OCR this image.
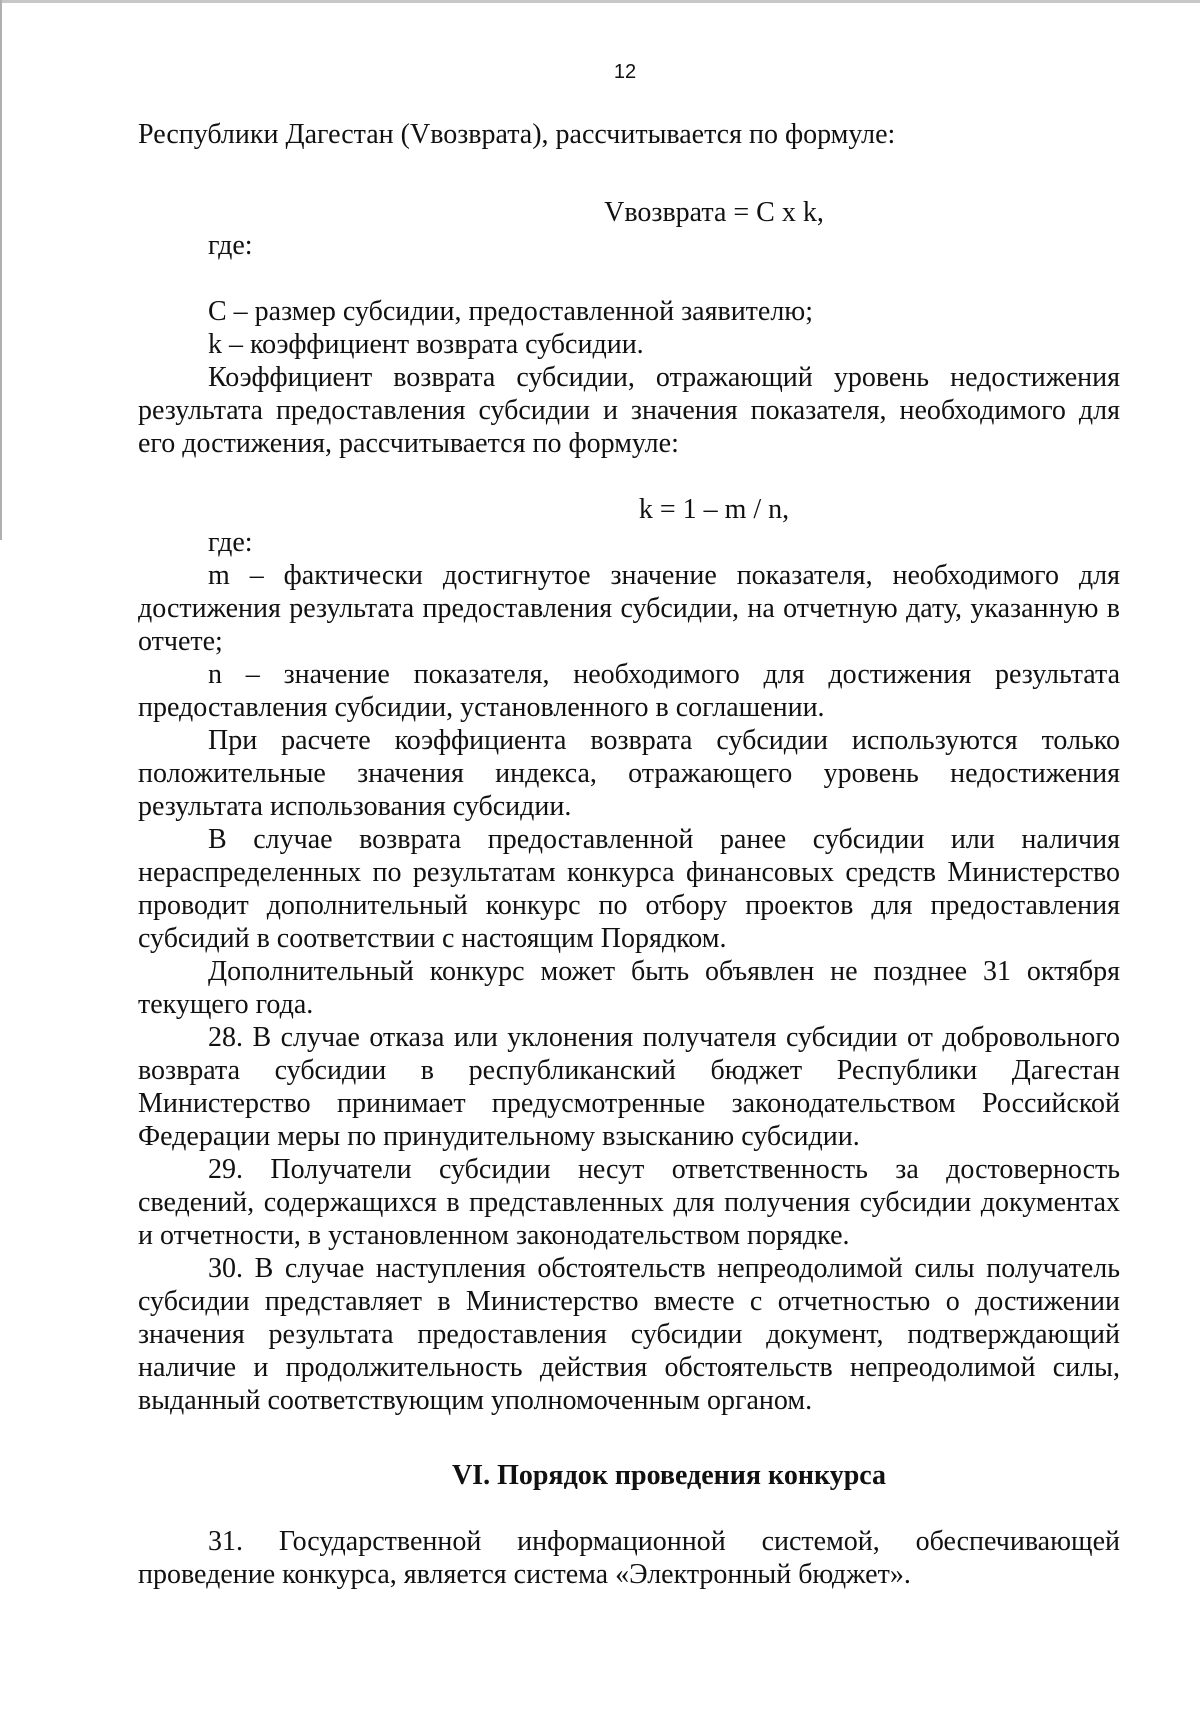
12

Республики Дагестан (Vвозврата), рассчитывается по формуле:

Vвозврата = C x k,

где:

C – размер субсидии, предоставленной заявителю;

k – коэффициент возврата субсидии.

Коэффициент возврата субсидии, отражающий уровень недостижения результата предоставления субсидии и значения показателя, необходимого для его достижения, рассчитывается по формуле:

k = 1 – m / n,

где:

m – фактически достигнутое значение показателя, необходимого для достижения результата предоставления субсидии, на отчетную дату, указанную в отчете;

n – значение показателя, необходимого для достижения результата предоставления субсидии, установленного в соглашении.

При расчете коэффициента возврата субсидии используются только положительные значения индекса, отражающего уровень недостижения результата использования субсидии.

В случае возврата предоставленной ранее субсидии или наличия нераспределенных по результатам конкурса финансовых средств Министерство проводит дополнительный конкурс по отбору проектов для предоставления субсидий в соответствии с настоящим Порядком.

Дополнительный конкурс может быть объявлен не позднее 31 октября текущего года.

28. В случае отказа или уклонения получателя субсидии от добровольного возврата субсидии в республиканский бюджет Республики Дагестан Министерство принимает предусмотренные законодательством Российской Федерации меры по принудительному взысканию субсидии.

29. Получатели субсидии несут ответственность за достоверность сведений, содержащихся в представленных для получения субсидии документах и отчетности, в установленном законодательством порядке.

30. В случае наступления обстоятельств непреодолимой силы получатель субсидии представляет в Министерство вместе с отчетностью о достижении значения результата предоставления субсидии документ, подтверждающий наличие и продолжительность действия обстоятельств непреодолимой силы, выданный соответствующим уполномоченным органом.

VI. Порядок проведения конкурса

31. Государственной информационной системой, обеспечивающей проведение конкурса, является система «Электронный бюджет».
